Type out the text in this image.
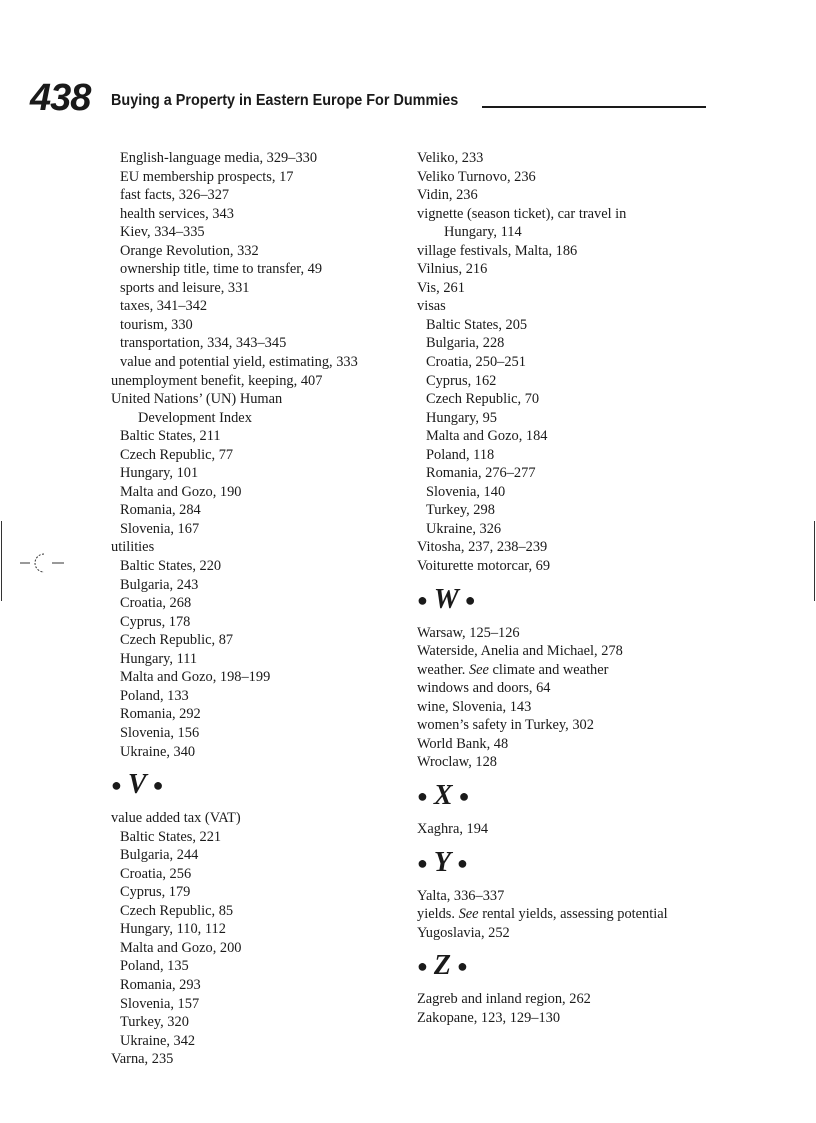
438 Buying a Property in Eastern Europe For Dummies
English-language media, 329–330
EU membership prospects, 17
fast facts, 326–327
health services, 343
Kiev, 334–335
Orange Revolution, 332
ownership title, time to transfer, 49
sports and leisure, 331
taxes, 341–342
tourism, 330
transportation, 334, 343–345
value and potential yield, estimating, 333
unemployment benefit, keeping, 407
United Nations’ (UN) Human
Development Index
Baltic States, 211
Czech Republic, 77
Hungary, 101
Malta and Gozo, 190
Romania, 284
Slovenia, 167
utilities
Baltic States, 220
Bulgaria, 243
Croatia, 268
Cyprus, 178
Czech Republic, 87
Hungary, 111
Malta and Gozo, 198–199
Poland, 133
Romania, 292
Slovenia, 156
Ukraine, 340
● V ●
value added tax (VAT)
Baltic States, 221
Bulgaria, 244
Croatia, 256
Cyprus, 179
Czech Republic, 85
Hungary, 110, 112
Malta and Gozo, 200
Poland, 135
Romania, 293
Slovenia, 157
Turkey, 320
Ukraine, 342
Varna, 235
Veliko, 233
Veliko Turnovo, 236
Vidin, 236
vignette (season ticket), car travel in
Hungary, 114
village festivals, Malta, 186
Vilnius, 216
Vis, 261
visas
Baltic States, 205
Bulgaria, 228
Croatia, 250–251
Cyprus, 162
Czech Republic, 70
Hungary, 95
Malta and Gozo, 184
Poland, 118
Romania, 276–277
Slovenia, 140
Turkey, 298
Ukraine, 326
Vitosha, 237, 238–239
Voiturette motorcar, 69
● W ●
Warsaw, 125–126
Waterside, Anelia and Michael, 278
weather. See climate and weather
windows and doors, 64
wine, Slovenia, 143
women’s safety in Turkey, 302
World Bank, 48
Wroclaw, 128
● X ●
Xaghra, 194
● Y ●
Yalta, 336–337
yields. See rental yields, assessing potential
Yugoslavia, 252
● Z ●
Zagreb and inland region, 262
Zakopane, 123, 129–130
